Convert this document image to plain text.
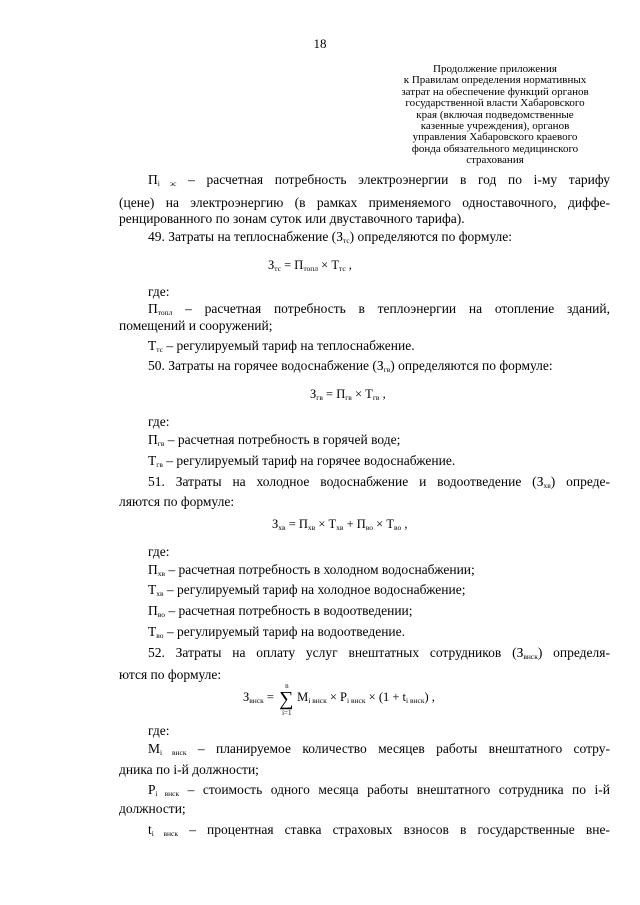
18
Продолжение приложения
к Правилам определения нормативных
затрат на обеспечение функций органов
государственной власти Хабаровского
края (включая подведомственные
казенные учреждения), органов
управления Хабаровского краевого
фонда обязательного медицинского
страхования
$П_{i эс}$ – расчетная потребность электроэнергии в год по i-му тарифу
(цене) на электроэнергию (в рамках применяемого одноставочного, диффе-
ренцированного по зонам суток или двуставочного тарифа).
49. Затраты на теплоснабжение $(З_{тс})$ определяются по формуле:
$З_{тс} = П_{топл} \times Т_{тс}$ ,
где:
$П_{топл}$ – расчетная потребность в теплоэнергии на отопление зданий,
помещений и сооружений;
$Т_{тс}$ – регулируемый тариф на теплоснабжение.
50. Затраты на горячее водоснабжение $(З_{гв})$ определяются по формуле:
$З_{гв} = П_{гв} \times Т_{гв}$ ,
где:
$П_{гв}$ – расчетная потребность в горячей воде;
$Т_{гв}$ – регулируемый тариф на горячее водоснабжение.
51. Затраты на холодное водоснабжение и водоотведение $(З_{хв})$ опреде-
ляются по формуле:
$З_{хв} = П_{хв} \times Т_{хв} + П_{во} \times Т_{во}$ ,
где:
$П_{хв}$ – расчетная потребность в холодном водоснабжении;
$Т_{хв}$ – регулируемый тариф на холодное водоснабжение;
$П_{во}$ – расчетная потребность в водоотведении;
$Т_{во}$ – регулируемый тариф на водоотведение.
52. Затраты на оплату услуг внештатных сотрудников $(З_{внск})$ определя-
ются по формуле:
$З_{внск}$ =
n
∑
i=1
$M_{i внск} \times P_{i внск} \times (1 + t_{i внск})$ ,
где:
$M_{i внск}$ – планируемое количество месяцев работы внештатного сотру-
дника по i-й должности;
$P_{i внск}$ – стоимость одного месяца работы внештатного сотрудника по i-й
должности;
$t_{i внск}$ – процентная ставка страховых взносов в государственные вне-
